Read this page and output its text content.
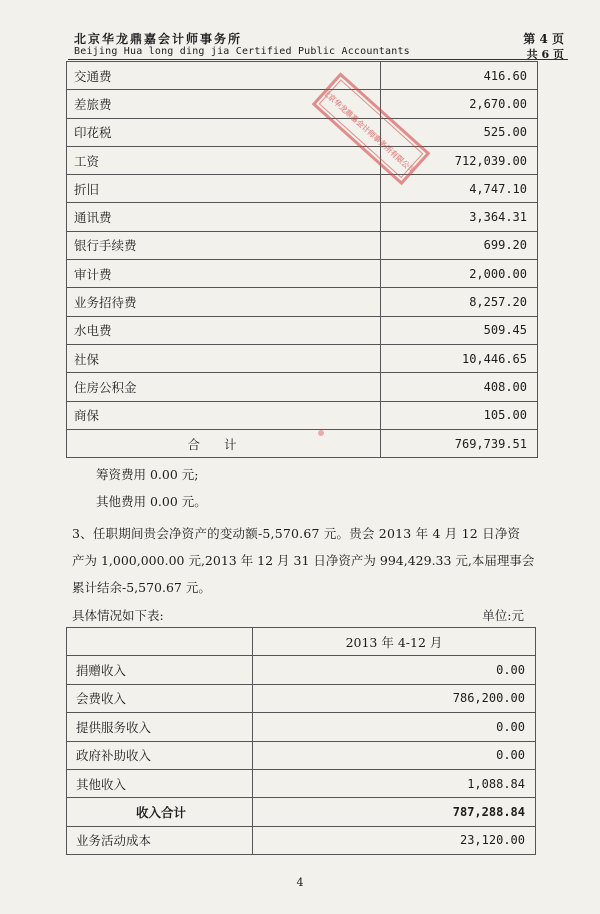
北京华龙鼎嘉会计师事务所
Beijing Hua long ding jia Certified Public Accountants
第 4 页
共 6 页
交通费	416.60
差旅费	2,670.00
印花税	525.00
工资	712,039.00
折旧	4,747.10
通讯费	3,364.31
银行手续费	699.20
审计费	2,000.00
业务招待费	8,257.20
水电费	509.45
社保	10,446.65
住房公积金	408.00
商保	105.00
合计	769,739.51
北京华龙鼎嘉会计师事务所有限公司
筹资费用 0.00 元;
其他费用 0.00 元。
3、任职期间贵会净资产的变动额-5,570.67 元。贵会 2013 年 4 月 12 日净资
产为 1,000,000.00 元,2013 年 12 月 31 日净资产为 994,429.33 元,本届理事会
累计结余-5,570.67 元。
具体情况如下表:	单位:元
	2013 年 4-12 月
捐赠收入	0.00
会费收入	786,200.00
提供服务收入	0.00
政府补助收入	0.00
其他收入	1,088.84
收入合计	787,288.84
业务活动成本	23,120.00
4
